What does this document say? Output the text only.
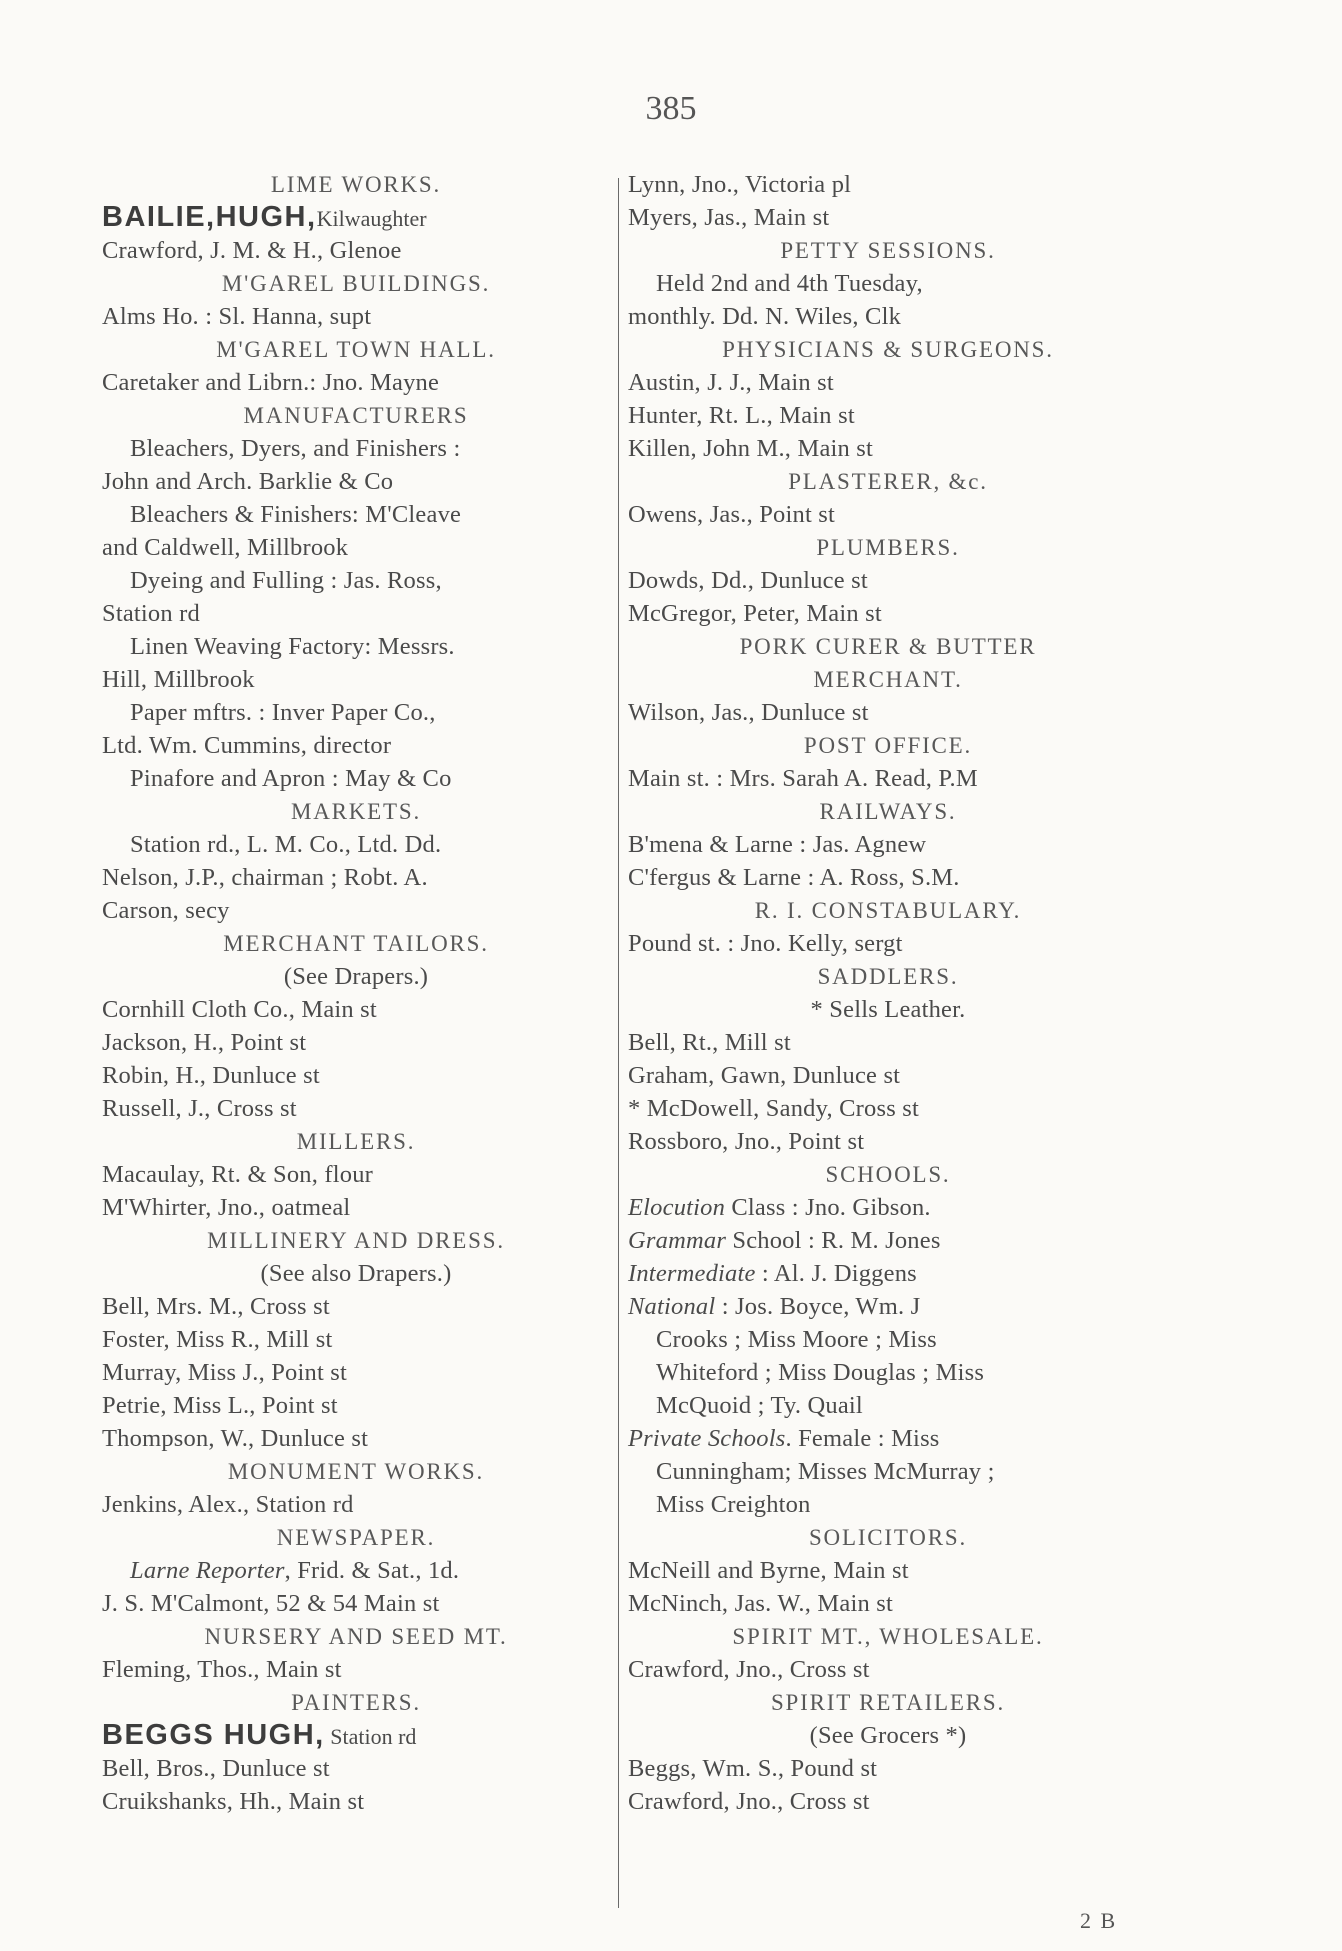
385
LIME WORKS.
BAILIE,HUGH,Kilwaughter
Crawford, J. M. & H., Glenoe
M'GAREL BUILDINGS.
Alms Ho. : Sl. Hanna, supt
M'GAREL TOWN HALL.
Caretaker and Librn.: Jno. Mayne
MANUFACTURERS
Bleachers, Dyers, and Finishers :
John and Arch. Barklie & Co
Bleachers & Finishers: M'Cleave
and Caldwell, Millbrook
Dyeing and Fulling : Jas. Ross,
Station rd
Linen Weaving Factory: Messrs.
Hill, Millbrook
Paper mftrs. : Inver Paper Co.,
Ltd. Wm. Cummins, director
Pinafore and Apron : May & Co
MARKETS.
Station rd., L. M. Co., Ltd. Dd.
Nelson, J.P., chairman ; Robt. A.
Carson, secy
MERCHANT TAILORS.
(See Drapers.)
Cornhill Cloth Co., Main st
Jackson, H., Point st
Robin, H., Dunluce st
Russell, J., Cross st
MILLERS.
Macaulay, Rt. & Son, flour
M'Whirter, Jno., oatmeal
MILLINERY AND DRESS.
(See also Drapers.)
Bell, Mrs. M., Cross st
Foster, Miss R., Mill st
Murray, Miss J., Point st
Petrie, Miss L., Point st
Thompson, W., Dunluce st
MONUMENT WORKS.
Jenkins, Alex., Station rd
NEWSPAPER.
Larne Reporter, Frid. & Sat., 1d.
J. S. M'Calmont, 52 & 54 Main st
NURSERY AND SEED MT.
Fleming, Thos., Main st
PAINTERS.
BEGGS HUGH, Station rd
Bell, Bros., Dunluce st
Cruikshanks, Hh., Main st
Lynn, Jno., Victoria pl
Myers, Jas., Main st
PETTY SESSIONS.
Held 2nd and 4th Tuesday,
monthly. Dd. N. Wiles, Clk
PHYSICIANS & SURGEONS.
Austin, J. J., Main st
Hunter, Rt. L., Main st
Killen, John M., Main st
PLASTERER, &c.
Owens, Jas., Point st
PLUMBERS.
Dowds, Dd., Dunluce st
McGregor, Peter, Main st
PORK CURER & BUTTER
MERCHANT.
Wilson, Jas., Dunluce st
POST OFFICE.
Main st. : Mrs. Sarah A. Read, P.M
RAILWAYS.
B'mena & Larne : Jas. Agnew
C'fergus & Larne : A. Ross, S.M.
R. I. CONSTABULARY.
Pound st. : Jno. Kelly, sergt
SADDLERS.
* Sells Leather.
Bell, Rt., Mill st
Graham, Gawn, Dunluce st
* McDowell, Sandy, Cross st
Rossboro, Jno., Point st
SCHOOLS.
Elocution Class : Jno. Gibson.
Grammar School : R. M. Jones
Intermediate : Al. J. Diggens
National : Jos. Boyce, Wm. J
Crooks ; Miss Moore ; Miss
Whiteford ; Miss Douglas ; Miss
McQuoid ; Ty. Quail
Private Schools. Female : Miss
Cunningham; Misses McMurray ;
Miss Creighton
SOLICITORS.
McNeill and Byrne, Main st
McNinch, Jas. W., Main st
SPIRIT MT., WHOLESALE.
Crawford, Jno., Cross st
SPIRIT RETAILERS.
(See Grocers *)
Beggs, Wm. S., Pound st
Crawford, Jno., Cross st
2 B
